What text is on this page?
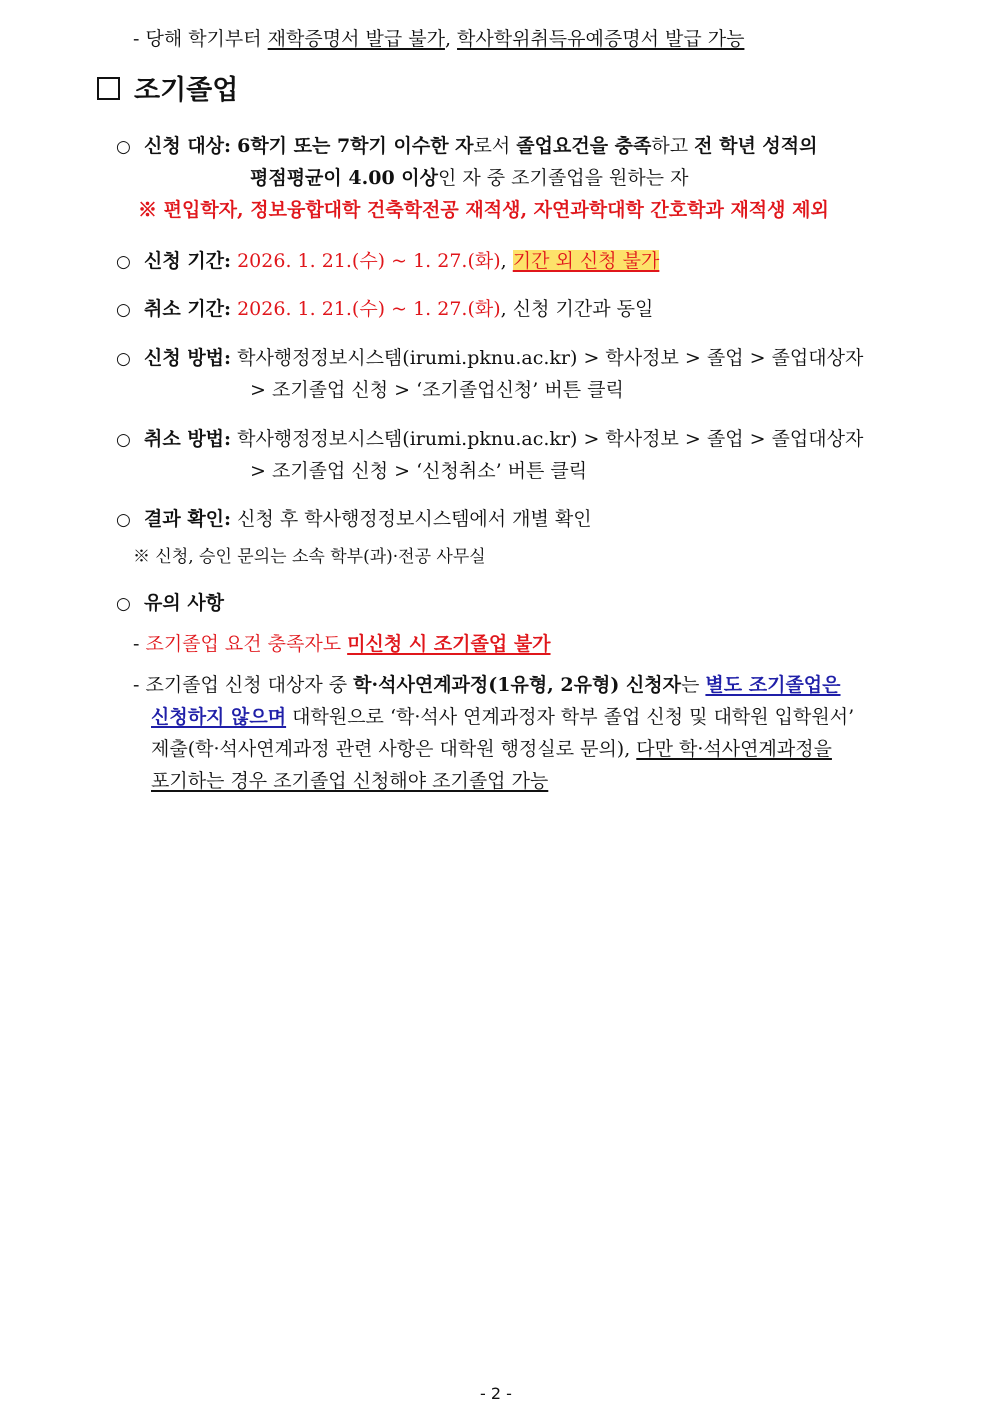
- 당해 학기부터 재학증명서 발급 불가, 학사학위취득유예증명서 발급 가능
조기졸업
○ 신청 대상: 6학기 또는 7학기 이수한 자로서 졸업요건을 충족하고 전 학년 성적의
평점평균이 4.00 이상인 자 중 조기졸업을 원하는 자
※ 편입학자, 정보융합대학 건축학전공 재적생, 자연과학대학 간호학과 재적생 제외
○ 신청 기간: 2026. 1. 21.(수) ~ 1. 27.(화), 기간 외 신청 불가
○ 취소 기간: 2026. 1. 21.(수) ~ 1. 27.(화), 신청 기간과 동일
○ 신청 방법: 학사행정정보시스템(irumi.pknu.ac.kr) > 학사정보 > 졸업 > 졸업대상자
> 조기졸업 신청 > ‘조기졸업신청’ 버튼 클릭
○ 취소 방법: 학사행정정보시스템(irumi.pknu.ac.kr) > 학사정보 > 졸업 > 졸업대상자
> 조기졸업 신청 > ‘신청취소’ 버튼 클릭
○ 결과 확인: 신청 후 학사행정정보시스템에서 개별 확인
※ 신청, 승인 문의는 소속 학부(과)·전공 사무실
○ 유의 사항
- 조기졸업 요건 충족자도 미신청 시 조기졸업 불가
- 조기졸업 신청 대상자 중 학·석사연계과정(1유형, 2유형) 신청자는 별도 조기졸업은
신청하지 않으며 대학원으로 ‘학·석사 연계과정자 학부 졸업 신청 및 대학원 입학원서’
제출(학·석사연계과정 관련 사항은 대학원 행정실로 문의), 다만 학·석사연계과정을
포기하는 경우 조기졸업 신청해야 조기졸업 가능
- 2 -
